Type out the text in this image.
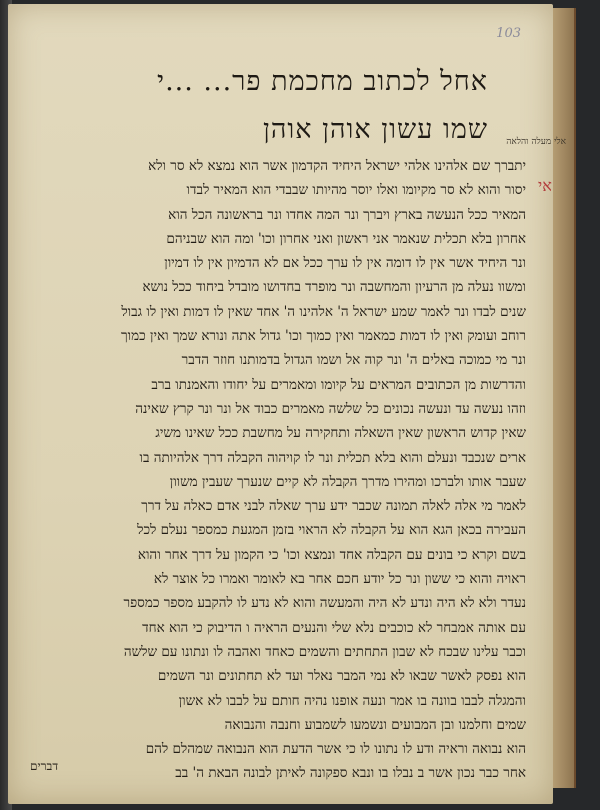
103
אחל לכתוב מחכמת פר... ...י
שמו עשון אוהן אוהן	אלי מעלה והלאה
אי
יתברך שם אלהינו אלהי ישראל היחיד הקדמון אשר הוא נמצא לא סר ולא
יסור והוא לא סר מקיומו ואלו יוסר מהיותו שבבדי הוא המאיר לבדו
המאיר ככל הנעשה בארץ ויברך ונר המה אחדו ונר בראשונה הכל הוא
אחרון בלא תכלית שנאמר אני ראשון ואני אחרון וכו' ומה הוא שבניהם
ונר היחיד אשר אין לו דומה אין לו ערך ככל אם לא הדמיון אין לו דמיון
ומשוו נעלה מן הרעיון והמחשבה ונר מופרד בחדושו מובדל ביחוד ככל נושא
שנים לבדו ונר לאמר שמע ישראל ה' אלהינו ה' אחד שאין לו דמות ואין לו גבול
רוחב ועומק ואין לו דמות כמאמר ואין כמוך וכו' גדול אתה ונורא שמך ואין כמוך
ונר מי כמוכה באלים ה' ונר קוה אל ושמו הגדול בדמותנו חוזר הדבר
והדרשות מן הכתובים המראים על קיומו ומאמרים על יחודו והאמנתו ברב
וזהו נעשה עד ונעשה נכונים כל שלשה מאמרים כבוד אל ונר ונר קרץ שאינה
שאין קדוש הראשון שאין השאלה ותחקירה על מחשבת ככל שאינו משיג
ארים שנכבד ונעלם והוא בלא תכלית ונר לו קויהוה הקבלה דרך אלהיותה בו
שעבר אותו ולברכו ומהירו מדרך הקבלה לא קיים שנערך שעבין משוון
לאמר מי אלה לאלה תמונה שכבר ידע ערך שאלה לבני אדם כאלה על דרך
העבירה בכאן הגא הוא על הקבלה לא הראוי בזמן המגעת כמספר נעלם לכל
בשם וקרא כי בונים עם הקבלה אחד ונמצא וכו' כי הקמון על דרך אחר והוא
ראויה והוא כי ששון ונר כל יודע חכם אחר בא לאומר ואמרו כל אוצר לא
נעדר ולא לא היה ונדע לא היה והמעשה והוא לא נדע לו להקבע מספר כמספר
עם אותה אמבחר לא כוכבים נלא שלי והנעים הראיה ו הדיבוק כי הוא אחד
וכבר עלינו שבכח לא שבון התחתים והשמים כאחד ואהבה לו ונתונו עם שלשה
הוא נפסק לאשר שבאו לא נמי המבר נאלר ועד לא תחתונים ונר השמים
והמגלה לבבו בוונה בו אמר ונעה אופנו נהיה חותם על לבבו לא אשון
שמים וחלמנו ובן המבועים ונשמעו לשמבוע וחנבה והנבואה
הוא נבואה וראיה ודע לו נתונו לו כי אשר הדעת הוא הנבואה שמהלם להם
אחר כבר נכון אשר ב נבלו בו ונבא ספקונה לאיתן לבונה הבאת ה' בב
דברים
